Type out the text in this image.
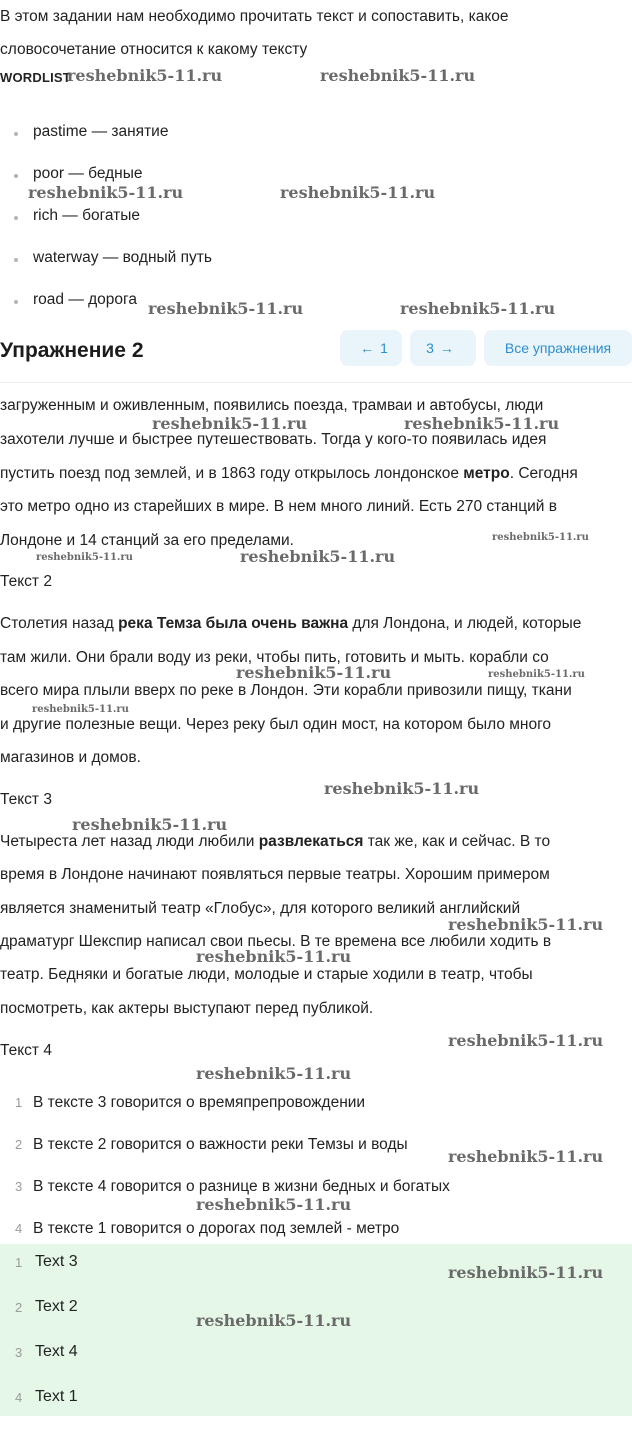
В этом задании нам необходимо прочитать текст и сопоставить, какое
словосочетание относится к какому тексту
WORDLIST
pastime — занятие
poor — бедные
rich — богатые
waterway — водный путь
road — дорога
загруженным и оживленным, появились поезда, трамваи и автобусы, люди
захотели лучше и быстрее путешествовать. Тогда у кого-то появилась идея
пустить поезд под землей, и в 1863 году открылось лондонское метро. Сегодня
это метро одно из старейших в мире. В нем много линий. Есть 270 станций в
Лондоне и 14 станций за его пределами.
Текст 2
Столетия назад река Темза была очень важна для Лондона, и людей, которые
там жили. Они брали воду из реки, чтобы пить, готовить и мыть. корабли со
всего мира плыли вверх по реке в Лондон. Эти корабли привозили пищу, ткани
и другие полезные вещи. Через реку был один мост, на котором было много
магазинов и домов.
Текст 3
Четыреста лет назад люди любили развлекаться так же, как и сейчас. В то
время в Лондоне начинают появляться первые театры. Хорошим примером
является знаменитый театр «Глобус», для которого великий английский
драматург Шекспир написал свои пьесы. В те времена все любили ходить в
театр. Бедняки и богатые люди, молодые и старые ходили в театр, чтобы
посмотреть, как актеры выступают перед публикой.
Текст 4
1 В тексте 3 говорится о времяпрепровождении
2 В тексте 2 говорится о важности реки Темзы и воды
3 В тексте 4 говорится о разнице в жизни бедных и богатых
4 В тексте 1 говорится о дорогах под землей - метро
1 Text 3
2 Text 2
3 Text 4
4 Text 1
Упражнение 2	← 1	3 →	Все упражнения
reshebnik5-11.ru	reshebnik5-11.ru
reshebnik5-11.ru	reshebnik5-11.ru
reshebnik5-11.ru	reshebnik5-11.ru
reshebnik5-11.ru	reshebnik5-11.ru
reshebnik5-11.ru
reshebnik5-11.ru	reshebnik5-11.ru
reshebnik5-11.ru	reshebnik5-11.ru
reshebnik5-11.ru
reshebnik5-11.ru
reshebnik5-11.ru
reshebnik5-11.ru
reshebnik5-11.ru
reshebnik5-11.ru
reshebnik5-11.ru
reshebnik5-11.ru
reshebnik5-11.ru
reshebnik5-11.ru
reshebnik5-11.ru
